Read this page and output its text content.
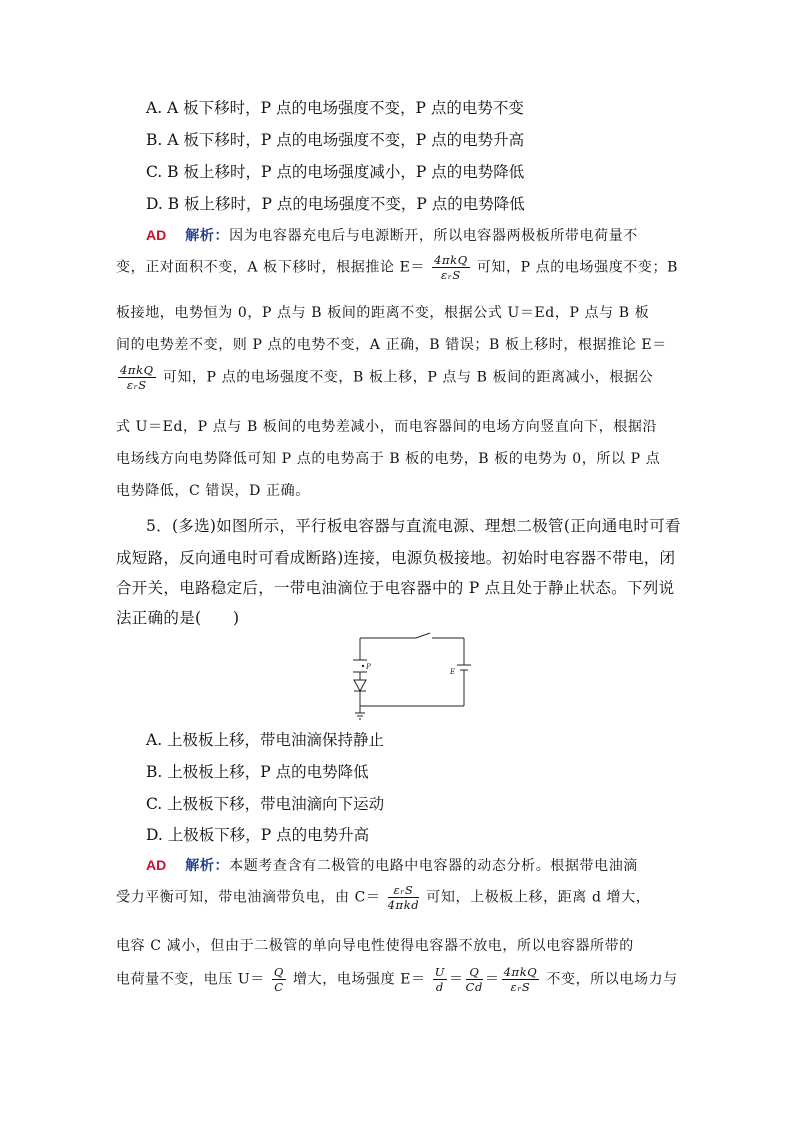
A. A 板下移时，P 点的电场强度不变，P 点的电势不变
B. A 板下移时，P 点的电场强度不变，P 点的电势升高
C. B 板上移时，P 点的电场强度减小，P 点的电势降低
D. B 板上移时，P 点的电场强度不变，P 点的电势降低
AD 解析：因为电容器充电后与电源断开，所以电容器两极板所带电荷量不
变，正对面积不变，A 板下移时，根据推论 $E= \frac{\text{4πkQ}}{\text{εᵣS}}$ 可知，P 点的电场强度不变；B
板接地，电势恒为 0，P 点与 B 板间的距离不变，根据公式 U＝Ed，P 点与 B 板
间的电势差不变，则 P 点的电势不变，A 正确，B 错误；B 板上移时，根据推论 E＝
$\frac{\text{4πkQ}}{\text{εᵣS}}$ 可知，P 点的电场强度不变，B 板上移，P 点与 B 板间的距离减小，根据公
式 U＝Ed，P 点与 B 板间的电势差减小，而电容器间的电场方向竖直向下，根据沿
电场线方向电势降低可知 P 点的电势高于 B 板的电势，B 板的电势为 0，所以 P 点
电势降低，C 错误，D 正确。
5．(多选)如图所示，平行板电容器与直流电源、理想二极管(正向通电时可看
成短路，反向通电时可看成断路)连接，电源负极接地。初始时电容器不带电，闭
合开关，电路稳定后，一带电油滴位于电容器中的 P 点且处于静止状态。下列说
法正确的是(　　)
P
E
A. 上极板上移，带电油滴保持静止
B. 上极板上移，P 点的电势降低
C. 上极板下移，带电油滴向下运动
D. 上极板下移，P 点的电势升高
AD 解析：本题考查含有二极管的电路中电容器的动态分析。根据带电油滴
受力平衡可知，带电油滴带负电，由 $C= \frac{\text{εᵣS}}{\text{4πkd}}$ 可知，上极板上移，距离 d 增大，
电容 C 减小，但由于二极管的单向导电性使得电容器不放电，所以电容器所带的
电荷量不变，电压 $U= \frac{Q}{C}$ 增大，电场强度 $E= \frac{U}{d} = \frac{Q}{Cd} = \frac{\text{4πkQ}}{\text{εᵣS}}$ 不变，所以电场力与
